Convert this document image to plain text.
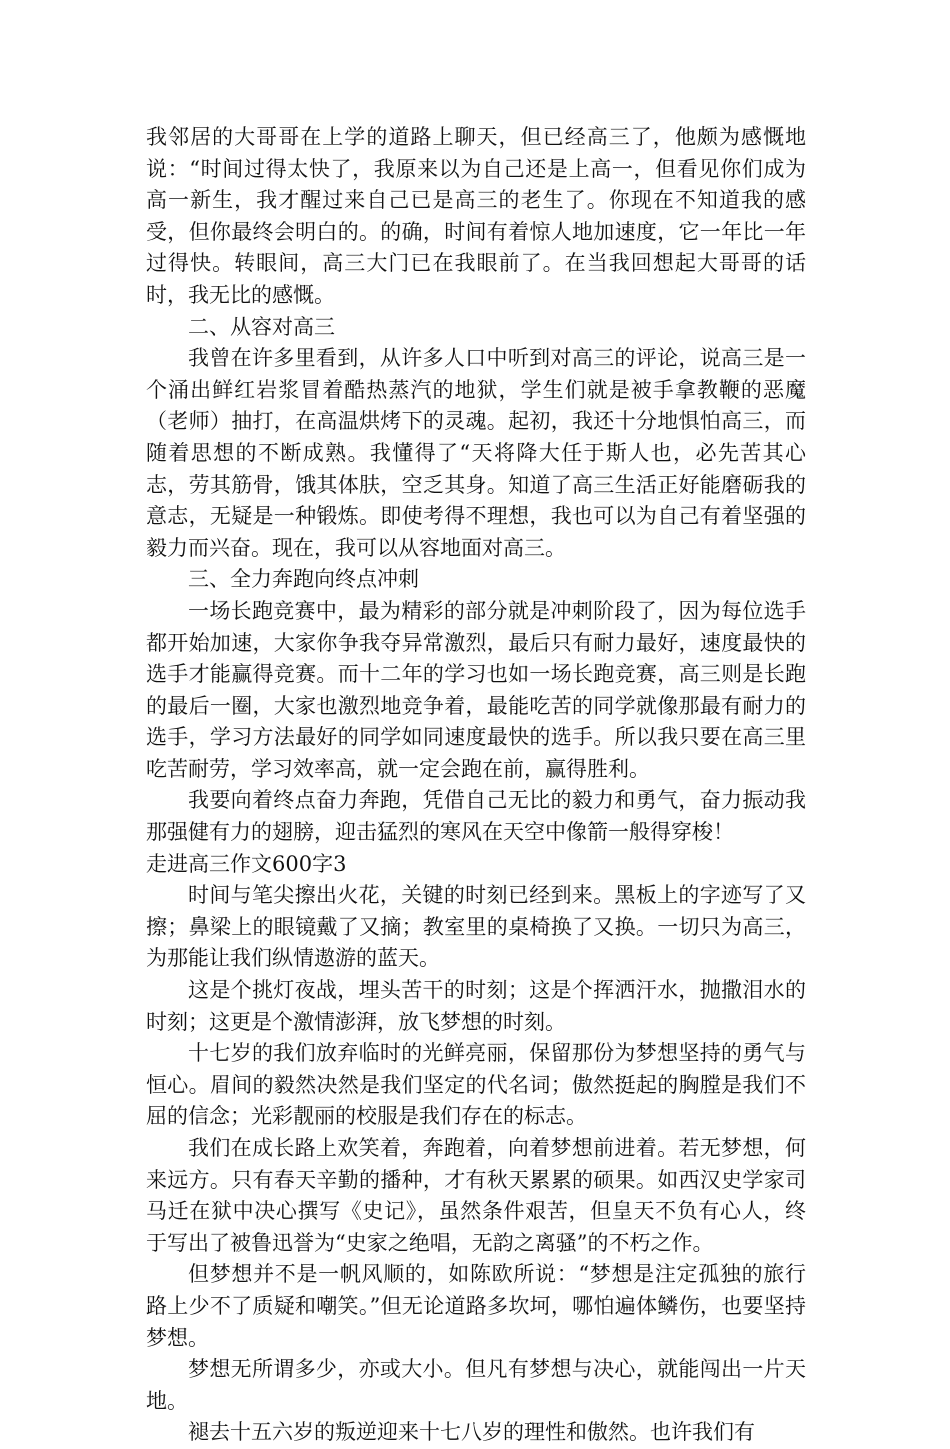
我邻居的大哥哥在上学的道路上聊天，但已经高三了，他颇为感慨地说：“时间过得太快了，我原来以为自己还是上高一，但看见你们成为高一新生，我才醒过来自己已是高三的老生了。你现在不知道我的感受，但你最终会明白的。的确，时间有着惊人地加速度，它一年比一年过得快。转眼间，高三大门已在我眼前了。在当我回想起大哥哥的话时，我无比的感慨。

二、从容对高三

我曾在许多里看到，从许多人口中听到对高三的评论，说高三是一个涌出鲜红岩浆冒着酷热蒸汽的地狱，学生们就是被手拿教鞭的恶魔（老师）抽打，在高温烘烤下的灵魂。起初，我还十分地惧怕高三，而随着思想的不断成熟。我懂得了“天将降大任于斯人也，必先苦其心志，劳其筋骨，饿其体肤，空乏其身。知道了高三生活正好能磨砺我的意志，无疑是一种锻炼。即使考得不理想，我也可以为自己有着坚强的毅力而兴奋。现在，我可以从容地面对高三。

三、全力奔跑向终点冲刺

一场长跑竞赛中，最为精彩的部分就是冲刺阶段了，因为每位选手都开始加速，大家你争我夺异常激烈，最后只有耐力最好，速度最快的选手才能赢得竞赛。而十二年的学习也如一场长跑竞赛，高三则是长跑的最后一圈，大家也激烈地竞争着，最能吃苦的同学就像那最有耐力的选手，学习方法最好的同学如同速度最快的选手。所以我只要在高三里吃苦耐劳，学习效率高，就一定会跑在前，赢得胜利。

我要向着终点奋力奔跑，凭借自己无比的毅力和勇气，奋力振动我那强健有力的翅膀，迎击猛烈的寒风在天空中像箭一般得穿梭！

走进高三作文600字3

时间与笔尖擦出火花，关键的时刻已经到来。黑板上的字迹写了又擦；鼻梁上的眼镜戴了又摘；教室里的桌椅换了又换。一切只为高三，为那能让我们纵情遨游的蓝天。

这是个挑灯夜战，埋头苦干的时刻；这是个挥洒汗水，抛撒泪水的时刻；这更是个激情澎湃，放飞梦想的时刻。

十七岁的我们放弃临时的光鲜亮丽，保留那份为梦想坚持的勇气与恒心。眉间的毅然决然是我们坚定的代名词；傲然挺起的胸膛是我们不屈的信念；光彩靓丽的校服是我们存在的标志。

我们在成长路上欢笑着，奔跑着，向着梦想前进着。若无梦想，何来远方。只有春天辛勤的播种，才有秋天累累的硕果。如西汉史学家司马迁在狱中决心撰写《史记》，虽然条件艰苦，但皇天不负有心人，终于写出了被鲁迅誉为“史家之绝唱，无韵之离骚”的不朽之作。

但梦想并不是一帆风顺的，如陈欧所说：“梦想是注定孤独的旅行路上少不了质疑和嘲笑。”但无论道路多坎坷，哪怕遍体鳞伤，也要坚持梦想。

梦想无所谓多少，亦或大小。但凡有梦想与决心，就能闯出一片天地。

褪去十五六岁的叛逆迎来十七八岁的理性和傲然。也许我们有
